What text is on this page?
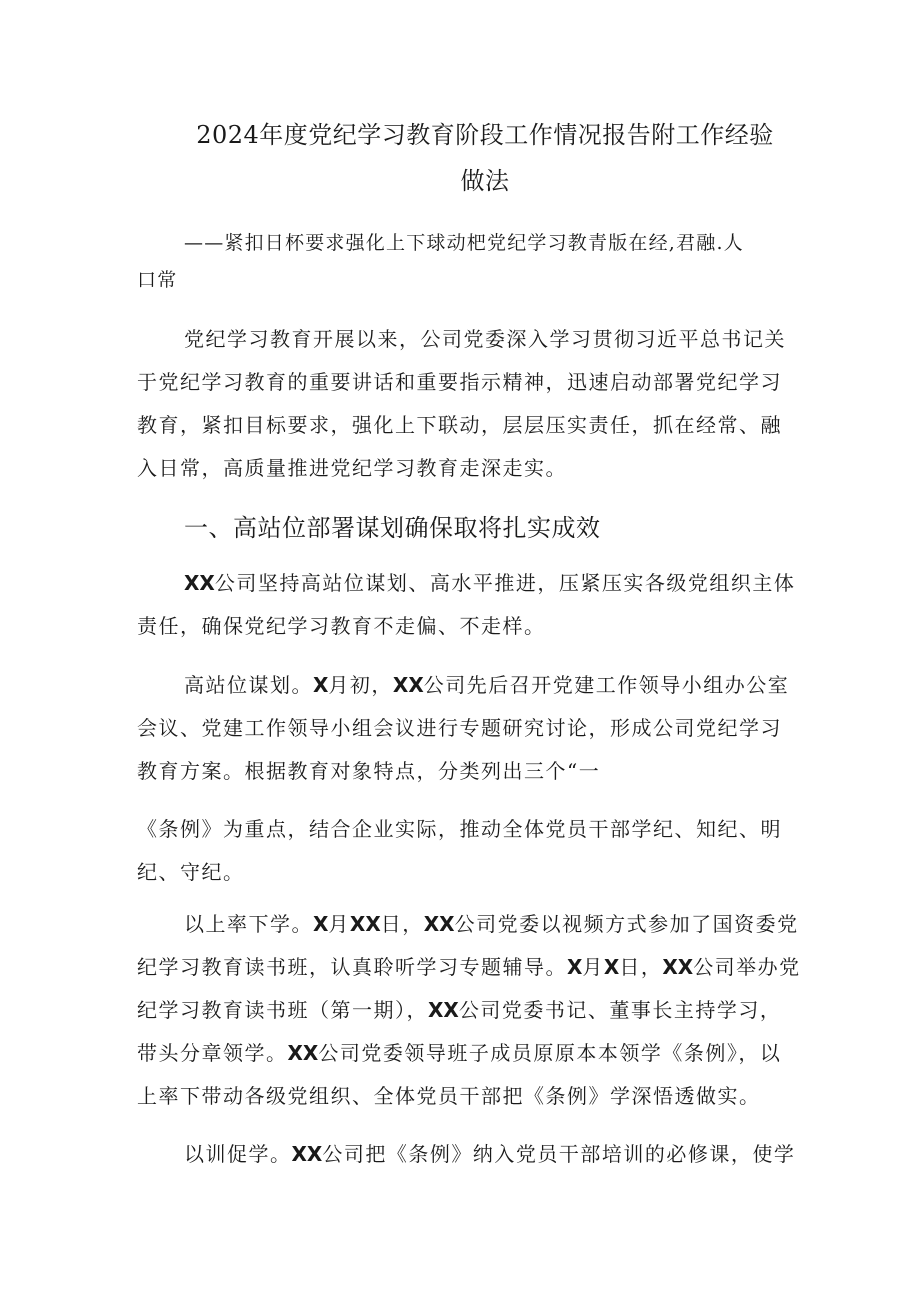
2024年度党纪学习教育阶段工作情况报告附工作经验
做法
——紧扣日杯要求强化上下球动杷党纪学习教青版在经,君融.人
口常
党纪学习教育开展以来，公司党委深入学习贯彻习近平总书记关
于党纪学习教育的重要讲话和重要指示精神，迅速启动部署党纪学习
教育，紧扣目标要求，强化上下联动，层层压实责任，抓在经常、融
入日常，高质量推进党纪学习教育走深走实。
一、高站位部署谋划确保取将扎实成效
XX公司坚持高站位谋划、高水平推进，压紧压实各级党组织主体
责任，确保党纪学习教育不走偏、不走样。
高站位谋划。X月初，XX公司先后召开党建工作领导小组办公室
会议、党建工作领导小组会议进行专题研究讨论，形成公司党纪学习
教育方案。根据教育对象特点，分类列出三个“一
《条例》为重点，结合企业实际，推动全体党员干部学纪、知纪、明
纪、守纪。
以上率下学。X月XX日，XX公司党委以视频方式参加了国资委党
纪学习教育读书班，认真聆听学习专题辅导。X月X日，XX公司举办党
纪学习教育读书班（第一期），XX公司党委书记、董事长主持学习，
带头分章领学。XX公司党委领导班子成员原原本本领学《条例》，以
上率下带动各级党组织、全体党员干部把《条例》学深悟透做实。
以训促学。XX公司把《条例》纳入党员干部培训的必修课，使学
